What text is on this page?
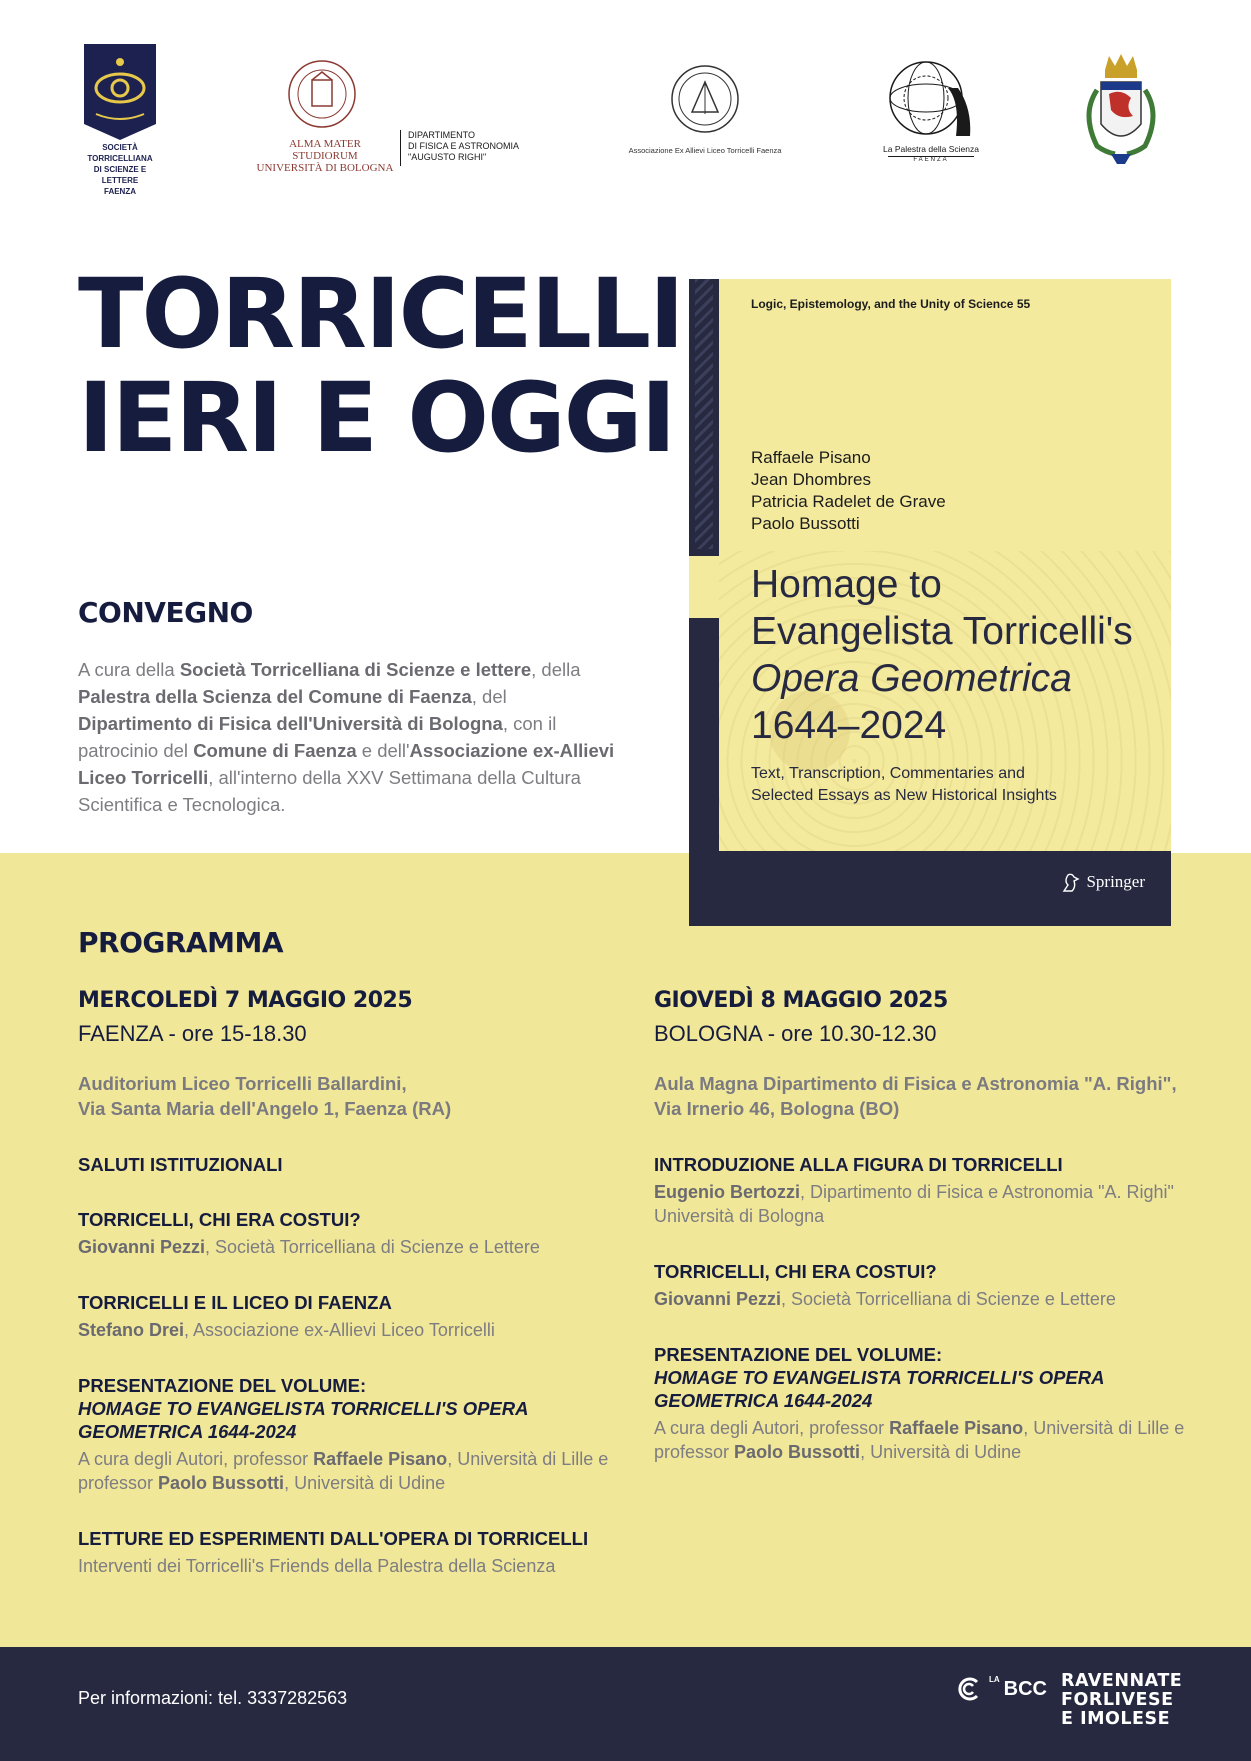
SOCIETÀ TORRICELLIANA
DI SCIENZE E LETTERE
FAENZA
ALMA MATER STUDIORUM
UNIVERSITÀ DI BOLOGNA
DIPARTIMENTO
DI FISICA E ASTRONOMIA
"AUGUSTO RIGHI"
Associazione Ex Allievi Liceo Torricelli Faenza	La Palestra della Scienza
FAENZA
TORRICELLI
IERI E OGGI
CONVEGNO
A cura della Società Torricelliana di Scienze e lettere, della Palestra della Scienza del Comune di Faenza, del Dipartimento di Fisica dell'Università di Bologna, con il patrocinio del Comune di Faenza e dell'Associazione ex-Allievi Liceo Torricelli, all'interno della XXV Settimana della Cultura Scientifica e Tecnologica.
Logic, Epistemology, and the Unity of Science 55
Raffaele Pisano
Jean Dhombres
Patricia Radelet de Grave
Paolo Bussotti
Homage to
Evangelista Torricelli's
Opera Geometrica
1644–2024
Text, Transcription, Commentaries and
Selected Essays as New Historical Insights
Springer
PROGRAMMA
MERCOLEDÌ 7 MAGGIO 2025
FAENZA - ore 15-18.30
Auditorium Liceo Torricelli Ballardini,
Via Santa Maria dell'Angelo 1, Faenza (RA)
SALUTI ISTITUZIONALI
TORRICELLI, CHI ERA COSTUI?
Giovanni Pezzi, Società Torricelliana di Scienze e Lettere
TORRICELLI E IL LICEO DI FAENZA
Stefano Drei, Associazione ex-Allievi Liceo Torricelli
PRESENTAZIONE DEL VOLUME:
HOMAGE TO EVANGELISTA TORRICELLI'S OPERA GEOMETRICA 1644-2024
A cura degli Autori, professor Raffaele Pisano, Università di Lille e professor Paolo Bussotti, Università di Udine
LETTURE ED ESPERIMENTI DALL'OPERA DI TORRICELLI
Interventi dei Torricelli's Friends della Palestra della Scienza
GIOVEDÌ 8 MAGGIO 2025
BOLOGNA - ore 10.30-12.30
Aula Magna Dipartimento di Fisica e Astronomia "A. Righi",
Via Irnerio 46, Bologna (BO)
INTRODUZIONE ALLA FIGURA DI TORRICELLI
Eugenio Bertozzi, Dipartimento di Fisica e Astronomia "A. Righi" Università di Bologna
TORRICELLI, CHI ERA COSTUI?
Giovanni Pezzi, Società Torricelliana di Scienze e Lettere
PRESENTAZIONE DEL VOLUME:
HOMAGE TO EVANGELISTA TORRICELLI'S OPERA GEOMETRICA 1644-2024
A cura degli Autori, professor Raffaele Pisano, Università di Lille e professor Paolo Bussotti, Università di Udine
Per informazioni: tel. 3337282563
LA BCC RAVENNATE
FORLIVESE
E IMOLESE
